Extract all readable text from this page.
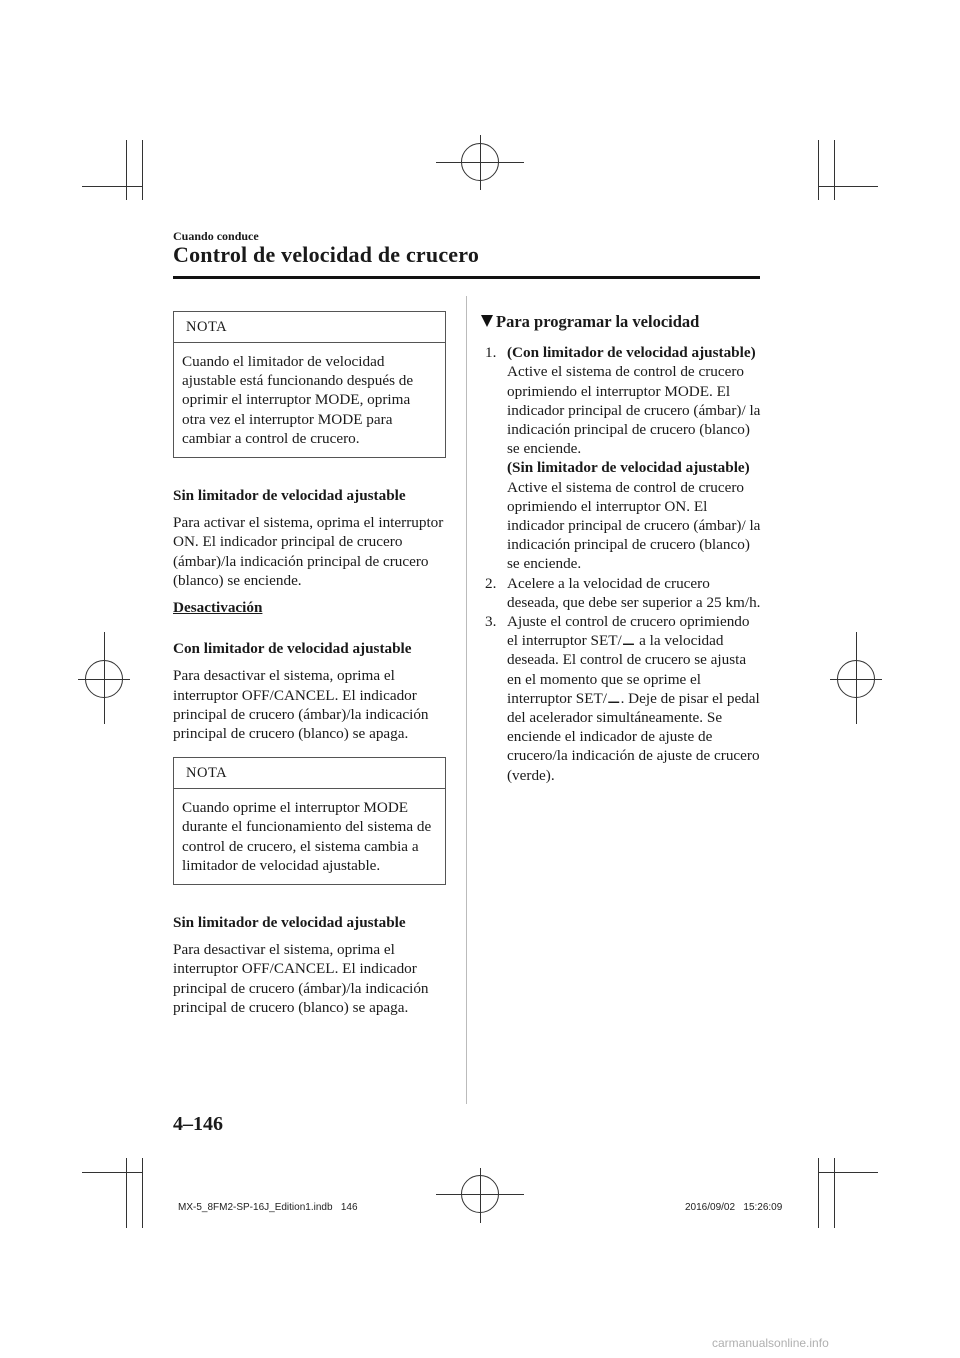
Cuando conduce
Control de velocidad de crucero
NOTA
Cuando el limitador de velocidad ajustable está funcionando después de oprimir el interruptor MODE, oprima otra vez el interruptor MODE para cambiar a control de crucero.
Sin limitador de velocidad ajustable
Para activar el sistema, oprima el interruptor ON. El indicador principal de crucero (ámbar)/la indicación principal de crucero (blanco) se enciende.
Desactivación
Con limitador de velocidad ajustable
Para desactivar el sistema, oprima el interruptor OFF/CANCEL. El indicador principal de crucero (ámbar)/la indicación principal de crucero (blanco) se apaga.
NOTA
Cuando oprime el interruptor MODE durante el funcionamiento del sistema de control de crucero, el sistema cambia a limitador de velocidad ajustable.
Sin limitador de velocidad ajustable
Para desactivar el sistema, oprima el interruptor OFF/CANCEL. El indicador principal de crucero (ámbar)/la indicación principal de crucero (blanco) se apaga.
Para programar la velocidad
1. (Con limitador de velocidad ajustable)
Active el sistema de control de crucero oprimiendo el interruptor MODE. El indicador principal de crucero (ámbar)/ la indicación principal de crucero (blanco) se enciende.
(Sin limitador de velocidad ajustable)
Active el sistema de control de crucero oprimiendo el interruptor ON. El indicador principal de crucero (ámbar)/ la indicación principal de crucero (blanco) se enciende.
2. Acelere a la velocidad de crucero deseada, que debe ser superior a 25 km/h.
3. Ajuste el control de crucero oprimiendo el interruptor SET/⚊ a la velocidad deseada. El control de crucero se ajusta en el momento que se oprime el interruptor SET/⚊. Deje de pisar el pedal del acelerador simultáneamente. Se enciende el indicador de ajuste de crucero/la indicación de ajuste de crucero (verde).
4–146
MX-5_8FM2-SP-16J_Edition1.indb   146	2016/09/02   15:26:09
carmanualsonline.info
